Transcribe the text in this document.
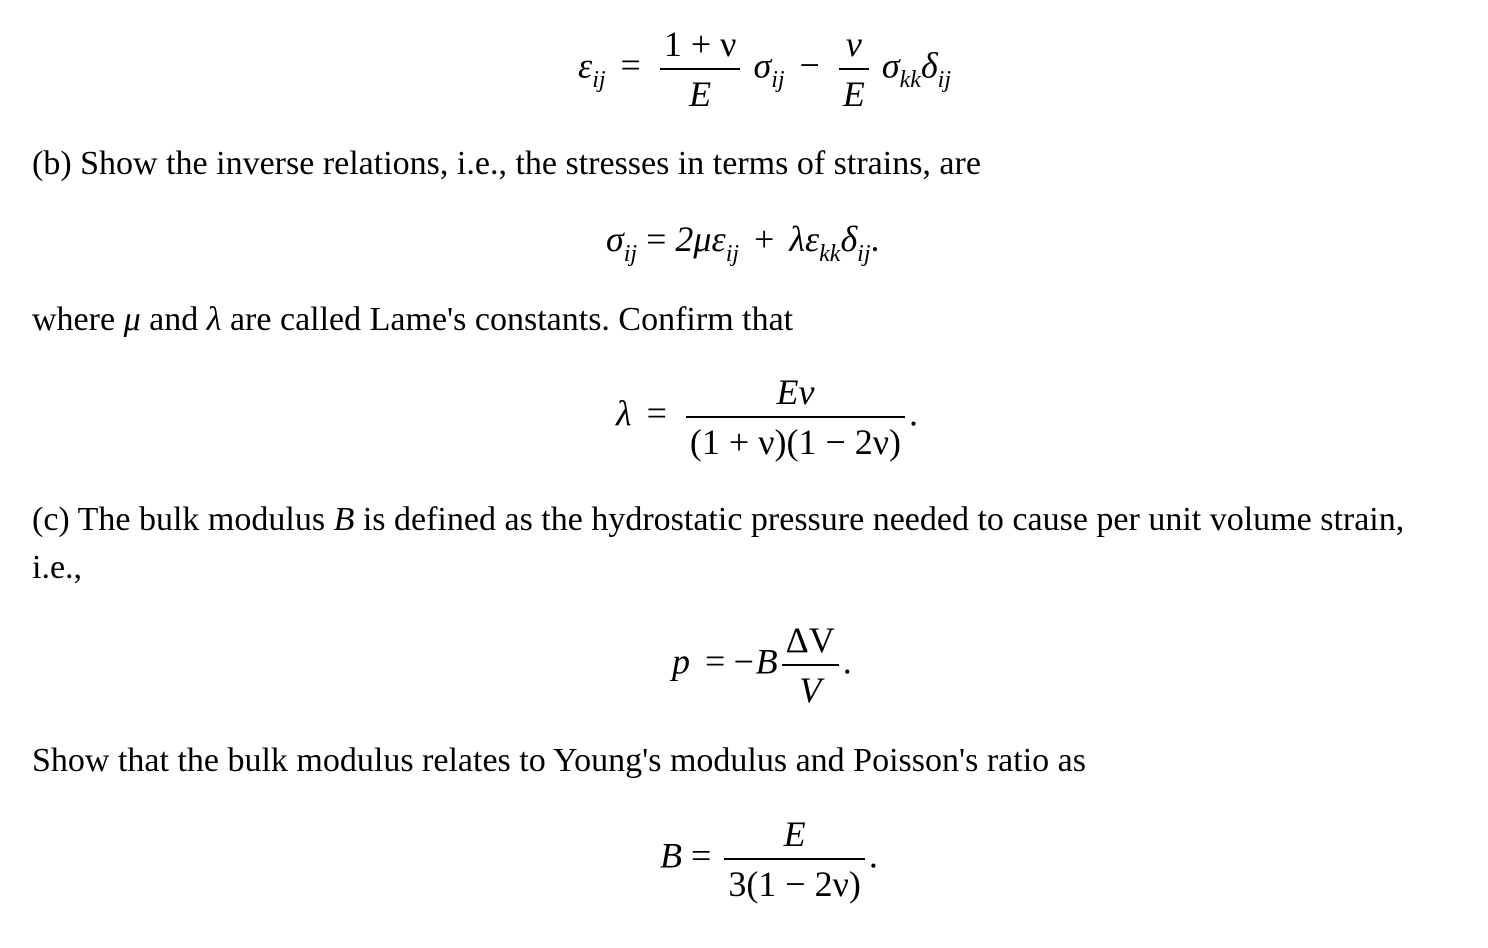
$\varepsilon_{ij} = \frac{1 + \nu}{E} \sigma_{ij} - \frac{\nu}{E} \sigma_{kk}\delta_{ij}$
(b) Show the inverse relations, i.e., the stresses in terms of strains, are
$\sigma_{ij} = 2\mu\varepsilon_{ij} + \lambda\varepsilon_{kk}\delta_{ij}$.
where μ and λ are called Lame's constants. Confirm that
$\lambda = \frac{E\nu}{(1 + \nu)(1 - 2\nu)}$ .
(c) The bulk modulus B is defined as the hydrostatic pressure needed to cause per unit volume strain, i.e.,
$p = -B \frac{\Delta V}{V}$ .
Show that the bulk modulus relates to Young's modulus and Poisson's ratio as
$B = \frac{E}{3(1 - 2\nu)}$ .
